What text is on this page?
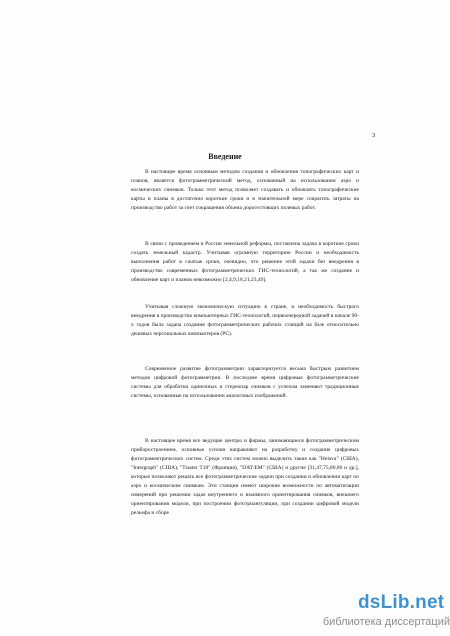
3
Введение

В настоящее время основным методом создания и обновления топографических карт и планов, является фотограмметрический метод, основанный на использовании аэро и космических снимков. Только этот метод позволяет создавать и обновлять топографические карты и планы в достаточно короткие сроки и в значительной мере сократить затраты на производство работ за счет сокращения объема дорогостоящих полевых работ.

В связи с проведением в России земельной реформы, поставлена задача в короткие сроки создать земельный кадастр. Учитывая огромную территорию России и необходимость выполнения работ в сжатые сроки, очевидно, что решение этой задачи без внедрения в производство современных фотограмметрических ГИС-технологий, а так же создание и обновление карт и планов невозможно [2,4,9,18,21,23,49].

Учитывая сложную экономическую ситуацию в стране, и необходимость быстрого внедрения в производство компьютерных ГИС-технологий, первоочередной задачей в начале 90-х годов была задача создания фотограмметрических рабочих станций на базе относительно дешевых персональных компьютеров (PC).

Современное развитие фотограмметрии характеризуется весьма быстрым развитием методов цифровой фотограмметрии. В последнее время цифровые фотограмметрические системы для обработки одиночных и стереопар снимков с успехом заменяют традиционные системы, основанные на использовании аналоговых изображений.

В настоящее время все ведущие центры и фирмы, занимающиеся фотограмметрическим приборостроением, основные усилия направляют на разработку и создание цифровых фотограмметрических систем. Среди этих систем можно выделить такие как "Helava" (США), "Intergraph" (США), "Traster T10" (Франция), "DAT/EM" (США) и другие [31,47,75,80,86 и др.], которые позволяют решать все фотограмметрические задачи при создании и обновлении карт по аэро и космическим снимкам. Эти станции имеют широкие возможности по автоматизации измерений при решении задач внутреннего и взаимного ориентирования снимков, внешнего ориентирования модели, при построении фототриангуляции, при создании цифровой модели рельефа и сборе

dsLib.net
библиотека диссертаций
